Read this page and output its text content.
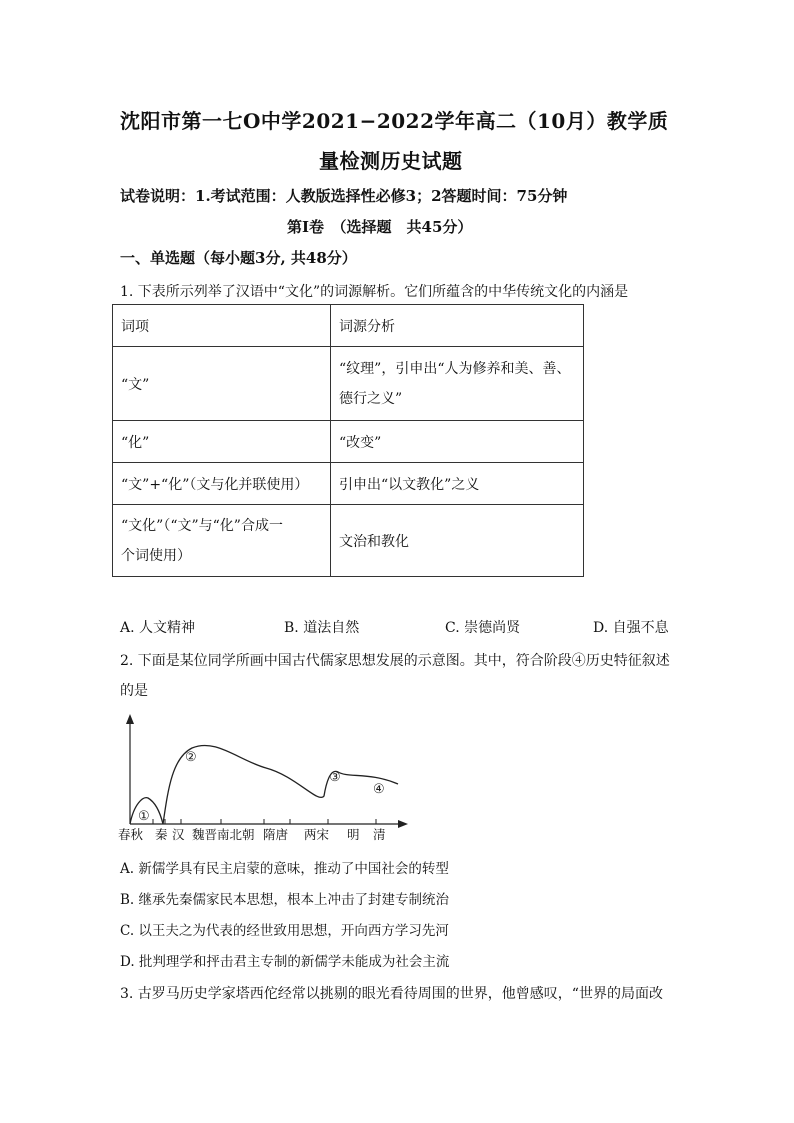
沈阳市第一七O中学2021−2022学年高二（10月）教学质
量检测历史试题
试卷说明：1.考试范围：人教版选择性必修3；2答题时间：75分钟
第Ⅰ卷　（选择题　共45分）
一、单选题（每小题3分, 共48分）
1. 下表所示列举了汉语中“文化”的词源解析。它们所蕴含的中华传统文化的内涵是
词项	词源分析
“文”	“纹理”，引申出“人为修养和美、善、
德行之义”

“化”	“改变”
“文”+“化”（文与化并联使用）	引申出“以文教化”之义

“文化”（“文”与“化”合成一
个词使用）	文治和教化
A. 人文精神	B. 道法自然	C. 崇德尚贤	D. 自强不息
2. 下面是某位同学所画中国古代儒家思想发展的示意图。其中，符合阶段④历史特征叙述
的是
①
②
③
④
春秋 秦 汉 魏晋南北朝 隋唐 两宋 明 清
A. 新儒学具有民主启蒙的意味，推动了中国社会的转型
B. 继承先秦儒家民本思想，根本上冲击了封建专制统治
C. 以王夫之为代表的经世致用思想，开向西方学习先河
D. 批判理学和抨击君主专制的新儒学未能成为社会主流
3. 古罗马历史学家塔西佗经常以挑剔的眼光看待周围的世界，他曾感叹，“世界的局面改
